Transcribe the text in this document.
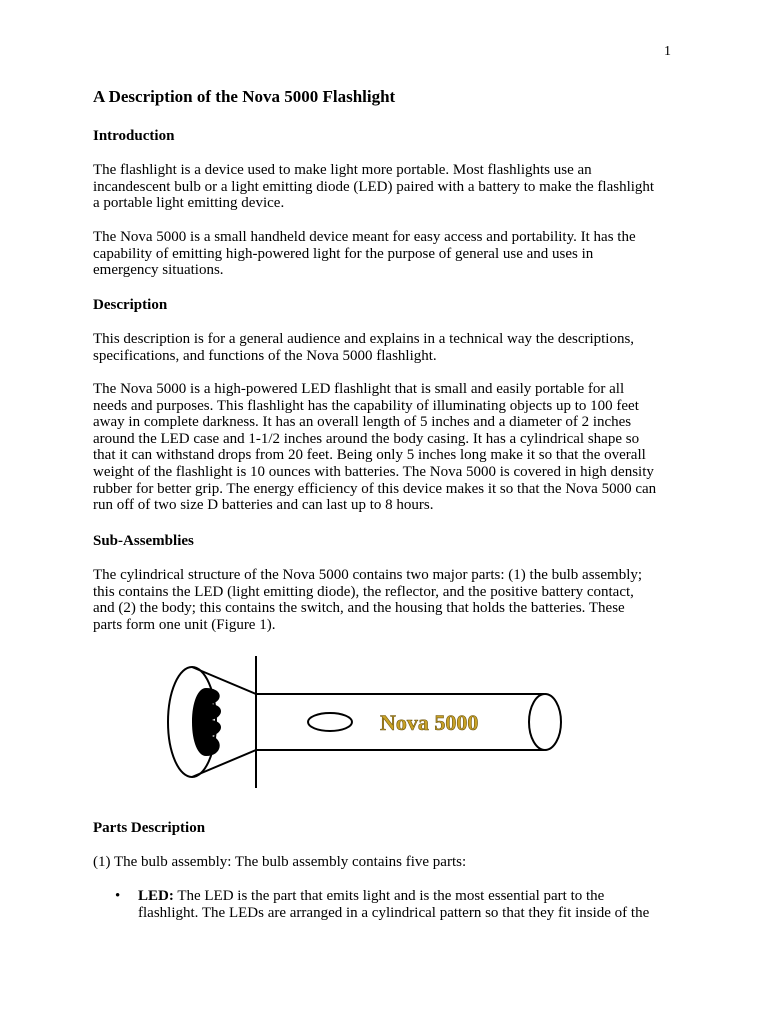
1
A Description of the Nova 5000 Flashlight
Introduction
The flashlight is a device used to make light more portable. Most flashlights use an
incandescent bulb or a light emitting diode (LED) paired with a battery to make the flashlight
a portable light emitting device.
The Nova 5000 is a small handheld device meant for easy access and portability. It has the
capability of emitting high-powered light for the purpose of general use and uses in
emergency situations.
Description
This description is for a general audience and explains in a technical way the descriptions,
specifications, and functions of the Nova 5000 flashlight.
The Nova 5000 is a high-powered LED flashlight that is small and easily portable for all
needs and purposes. This flashlight has the capability of illuminating objects up to 100 feet
away in complete darkness. It has an overall length of 5 inches and a diameter of 2 inches
around the LED case and 1-1/2 inches around the body casing. It has a cylindrical shape so
that it can withstand drops from 20 feet. Being only 5 inches long make it so that the overall
weight of the flashlight is 10 ounces with batteries. The Nova 5000 is covered in high density
rubber for better grip. The energy efficiency of this device makes it so that the Nova 5000 can
run off of two size D batteries and can last up to 8 hours.
Sub-Assemblies
The cylindrical structure of the Nova 5000 contains two major parts: (1) the bulb assembly;
this contains the LED (light emitting diode), the reflector, and the positive battery contact,
and (2) the body; this contains the switch, and the housing that holds the batteries. These
parts form one unit (Figure 1).
Nova 5000
Parts Description
(1) The bulb assembly: The bulb assembly contains five parts:
• LED: The LED is the part that emits light and is the most essential part to the
flashlight. The LEDs are arranged in a cylindrical pattern so that they fit inside of the
